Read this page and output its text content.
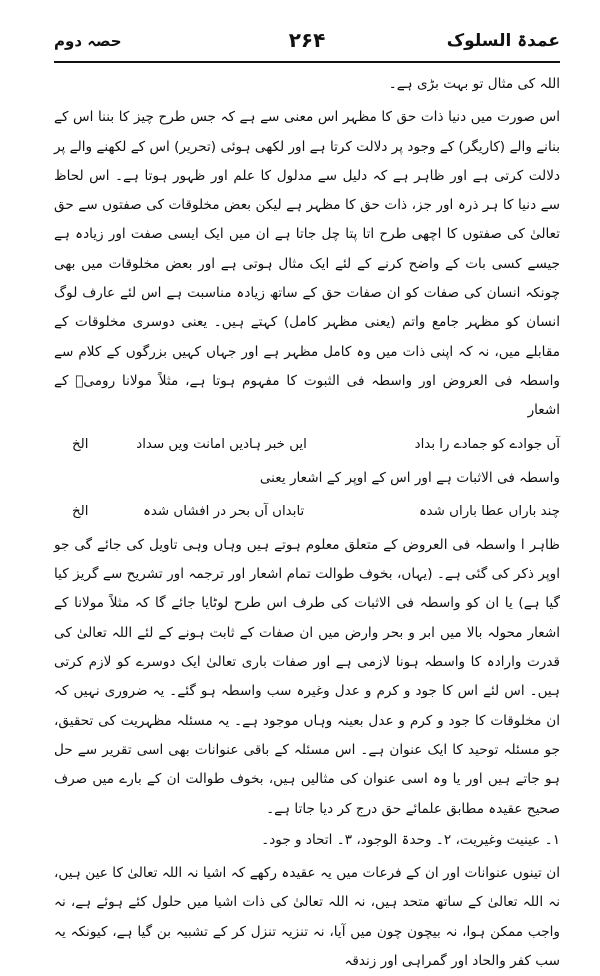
عمدۃ السلوک
۲۶۴
حصہ دوم

اللہ کی مثال تو بہت بڑی ہے۔

اس صورت میں دنیا ذات حق کا مظہر اس معنی سے ہے کہ جس طرح چیز کا بننا اس کے بنانے والے (کاریگر) کے وجود پر دلالت کرتا ہے اور لکھی ہوئی (تحریر) اس کے لکھنے والے پر دلالت کرتی ہے اور ظاہر ہے کہ دلیل سے مدلول کا علم اور ظہور ہوتا ہے۔ اس لحاظ سے دنیا کا ہر ذرہ اور جز، ذات حق کا مظہر ہے لیکن بعض مخلوقات کی صفتوں سے حق تعالیٰ کی صفتوں کا اچھی طرح اتا پتا چل جاتا ہے ان میں ایک ایسی صفت اور زیادہ ہے جیسے کسی بات کے واضح کرنے کے لئے ایک مثال ہوتی ہے اور بعض مخلوقات میں بھی چونکہ انسان کی صفات کو ان صفات حق کے ساتھ زیادہ مناسبت ہے اس لئے عارف لوگ انسان کو مظہر جامع واتم (یعنی مظہر کامل) کہتے ہیں۔ یعنی دوسری مخلوقات کے مقابلے میں، نہ کہ اپنی ذات میں وہ کامل مظہر ہے اور جہاں کہیں بزرگوں کے کلام سے واسطہ فی العروض اور واسطہ فی الثبوت کا مفہوم ہوتا ہے، مثلاً مولانا رومیؒ کے اشعار

آں جوادے کو جمادے را بداد
ایں خبر ہادیں امانت ویں سداد
الخ

واسطہ فی الاثبات ہے اور اس کے اوپر کے اشعار یعنی

چند باراں عطا باراں شدہ
تابداں آں بحر در افشاں شدہ
الخ

ظاہر ا واسطہ فی العروض کے متعلق معلوم ہوتے ہیں وہاں وہی تاویل کی جائے گی جو اوپر ذکر کی گئی ہے۔ (یہاں، بخوف طوالت تمام اشعار اور ترجمہ اور تشریح سے گریز کیا گیا ہے) یا ان کو واسطہ فی الاثبات کی طرف اس طرح لوٹایا جائے گا کہ مثلاً مولانا کے اشعار محولہ بالا میں ابر و بحر وارض میں ان صفات کے ثابت ہونے کے لئے اللہ تعالیٰ کی قدرت وارادہ کا واسطہ ہونا لازمی ہے اور صفات باری تعالیٰ ایک دوسرے کو لازم کرتی ہیں۔ اس لئے اس کا جود و کرم و عدل وغیرہ سب واسطہ ہو گئے۔ یہ ضروری نہیں کہ ان مخلوقات کا جود و کرم و عدل بعینہ وہاں موجود ہے۔ یہ مسئلہ مظہریت کی تحقیق، جو مسئلہ توحید کا ایک عنوان ہے۔ اس مسئلہ کے باقی عنوانات بھی اسی تقریر سے حل ہو جاتے ہیں اور یا وہ اسی عنوان کی مثالیں ہیں، بخوف طوالت ان کے بارے میں صرف صحیح عقیدہ مطابق علمائے حق درج کر دیا جاتا ہے۔

۱۔ عینیت وغیریت، ۲۔ وحدۃ الوجود، ۳۔ اتحاد و جود۔

ان تینوں عنوانات اور ان کے فرعات میں یہ عقیدہ رکھے کہ اشیا نہ اللہ تعالیٰ کا عین ہیں، نہ اللہ تعالیٰ کے ساتھ متحد ہیں، نہ اللہ تعالیٰ کی ذات اشیا میں حلول کئے ہوئے ہے، نہ واجب ممکن ہوا، نہ بیچون چون میں آیا، نہ تنزیہ تنزل کر کے تشبیہ بن گیا ہے، کیونکہ یہ سب کفر والحاد اور گمراہی اور زندقہ
